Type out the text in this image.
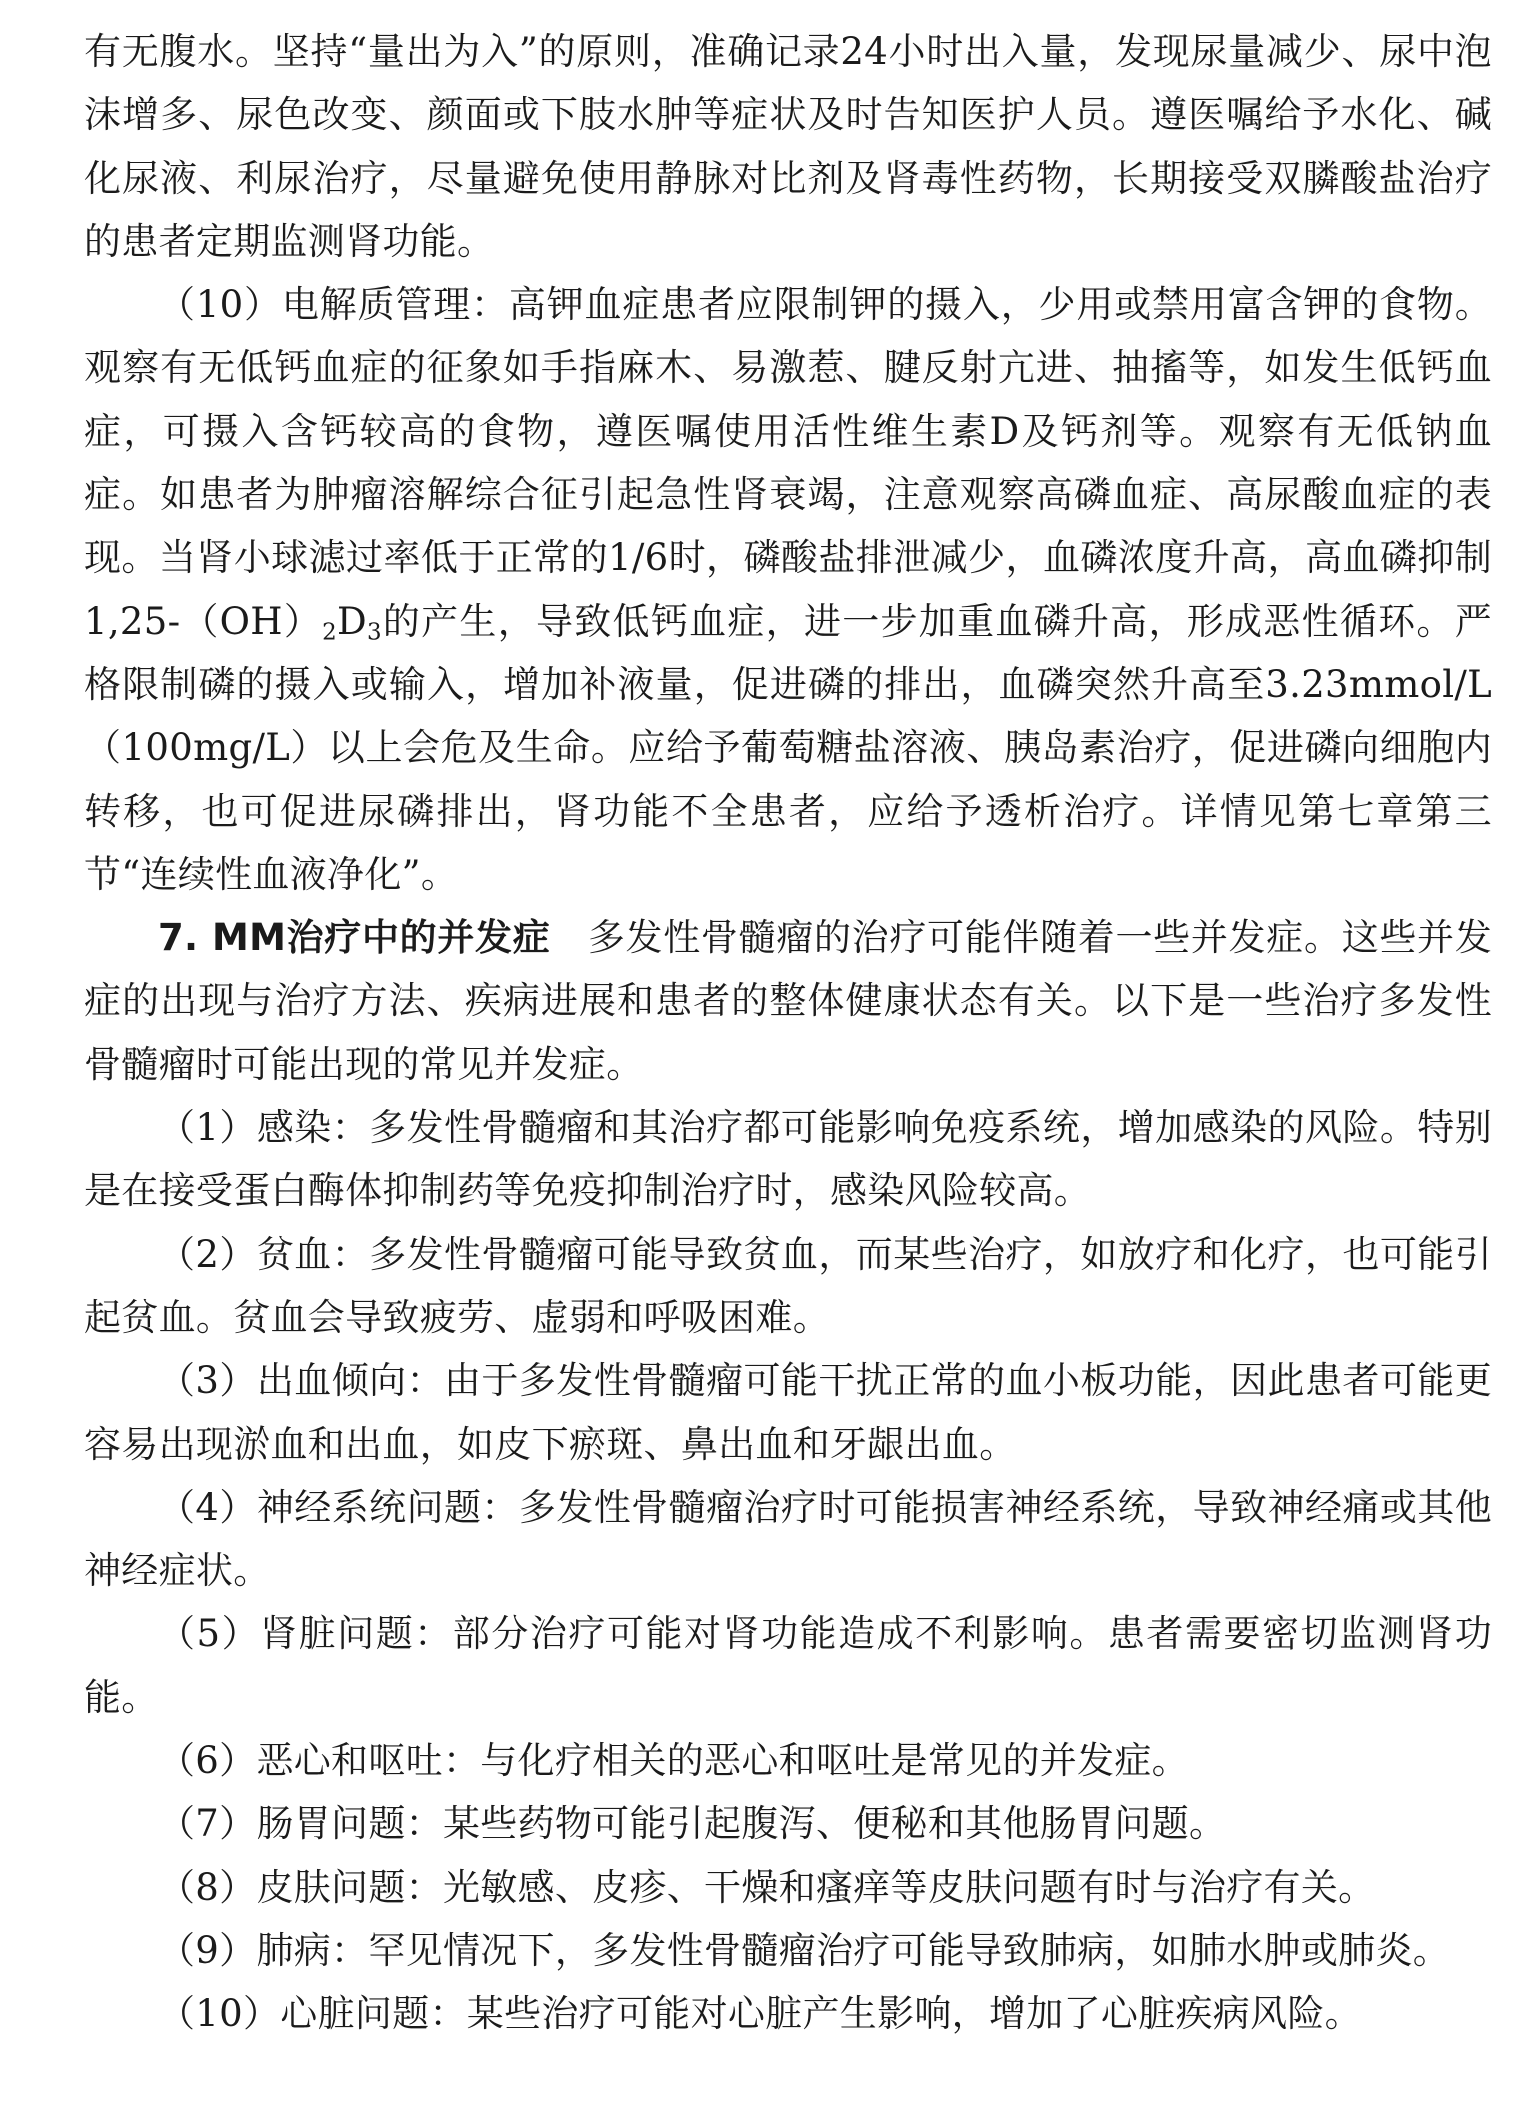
有无腹水。坚持“量出为入”的原则，准确记录24小时出入量，发现尿量减少、尿中泡沫增多、尿色改变、颜面或下肢水肿等症状及时告知医护人员。遵医嘱给予水化、碱化尿液、利尿治疗，尽量避免使用静脉对比剂及肾毒性药物，长期接受双膦酸盐治疗的患者定期监测肾功能。

（10）电解质管理：高钾血症患者应限制钾的摄入，少用或禁用富含钾的食物。观察有无低钙血症的征象如手指麻木、易激惹、腱反射亢进、抽搐等，如发生低钙血症，可摄入含钙较高的食物，遵医嘱使用活性维生素D及钙剂等。观察有无低钠血症。如患者为肿瘤溶解综合征引起急性肾衰竭，注意观察高磷血症、高尿酸血症的表现。当肾小球滤过率低于正常的1/6时，磷酸盐排泄减少，血磷浓度升高，高血磷抑制$1,25-(OH)_2D_3$的产生，导致低钙血症，进一步加重血磷升高，形成恶性循环。严格限制磷的摄入或输入，增加补液量，促进磷的排出，血磷突然升高至3.23mmol/L（100mg/L）以上会危及生命。应给予葡萄糖盐溶液、胰岛素治疗，促进磷向细胞内转移，也可促进尿磷排出，肾功能不全患者，应给予透析治疗。详情见第七章第三节“连续性血液净化”。

7. MM治疗中的并发症 多发性骨髓瘤的治疗可能伴随着一些并发症。这些并发症的出现与治疗方法、疾病进展和患者的整体健康状态有关。以下是一些治疗多发性骨髓瘤时可能出现的常见并发症。

（1）感染：多发性骨髓瘤和其治疗都可能影响免疫系统，增加感染的风险。特别是在接受蛋白酶体抑制药等免疫抑制治疗时，感染风险较高。

（2）贫血：多发性骨髓瘤可能导致贫血，而某些治疗，如放疗和化疗，也可能引起贫血。贫血会导致疲劳、虚弱和呼吸困难。

（3）出血倾向：由于多发性骨髓瘤可能干扰正常的血小板功能，因此患者可能更容易出现淤血和出血，如皮下瘀斑、鼻出血和牙龈出血。

（4）神经系统问题：多发性骨髓瘤治疗时可能损害神经系统，导致神经痛或其他神经症状。

（5）肾脏问题：部分治疗可能对肾功能造成不利影响。患者需要密切监测肾功能。

（6）恶心和呕吐：与化疗相关的恶心和呕吐是常见的并发症。

（7）肠胃问题：某些药物可能引起腹泻、便秘和其他肠胃问题。

（8）皮肤问题：光敏感、皮疹、干燥和瘙痒等皮肤问题有时与治疗有关。

（9）肺病：罕见情况下，多发性骨髓瘤治疗可能导致肺病，如肺水肿或肺炎。

（10）心脏问题：某些治疗可能对心脏产生影响，增加了心脏疾病风险。
